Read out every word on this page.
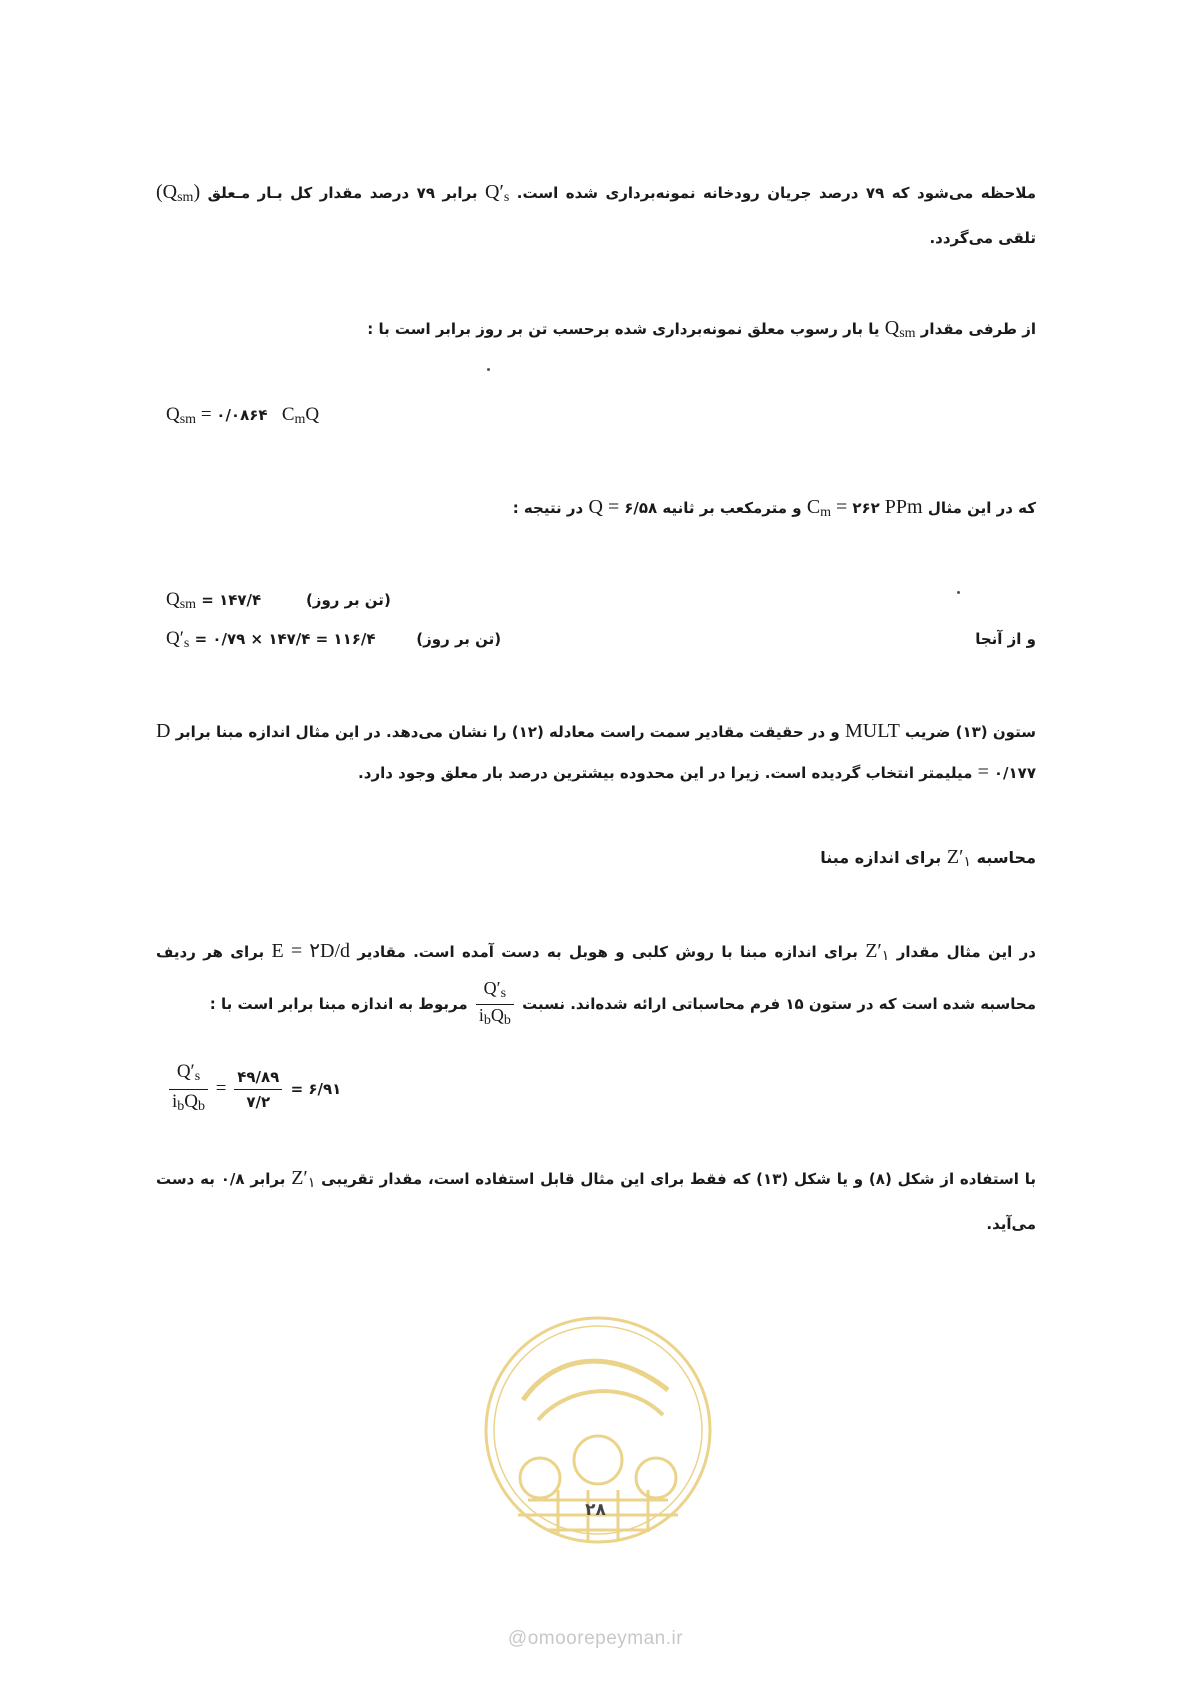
ملاحظه می‌شود که ۷۹ درصد جریان رودخانه نمونه‌برداری شده است. $Q'_s$ برابر ۷۹ درصد مقدار کل بـار مـعلق $(Q_{sm})$ تلقی می‌گردد.
از طرفی مقدار $Q_{sm}$ یا بار رسوب معلق نمونه‌برداری شده برحسب تن بر روز برابر است با :
$Q_{sm}$ = ۰/۰۸۶۴ $C_mQ$
که در این مثال $C_m$ = ۲۶۲ PPm و مترمکعب بر ثانیه Q = ۶/۵۸ در نتیجه :
$Q_{sm}$ = ۱۴۷/۴	(تن بر روز)
$Q'_s$ = ۰/۷۹ × ۱۴۷/۴ = ۱۱۶/۴	(تن بر روز)	و از آنجا
ستون (۱۳) ضریب MULT و در حقیقت مقادیر سمت راست معادله (۱۲) را نشان می‌دهد. در این مثال اندازه مبنا برابر D = ۰/۱۷۷ میلیمتر انتخاب گردیده است. زیرا در این محدوده بیشترین درصد بار معلق وجود دارد.
محاسبه $Z'_۱$ برای اندازه مبنا
در این مثال مقدار $Z'_۱$ برای اندازه مبنا با روش کلبی و هوبل به دست آمده است. مقادیر E = ۲D/d برای هر ردیف محاسبه شده است که در ستون ۱۵ فرم محاسباتی ارائه شده‌اند. نسبت
$\frac{Q'_s}{i_bQ_b}$
مربوط به اندازه مبنا برابر است با :
$\frac{Q'_s}{i_bQ_b} = \frac{۴۹/۸۹}{۷/۲}$ = ۶/۹۱
با استفاده از شکل (۸) و یا شکل (۱۳) که فقط برای این مثال قابل استفاده است، مقدار تقریبی $Z'_۱$ برابر ۰/۸ به دست می‌آید.
۲۸
@omoorepeyman.ir
